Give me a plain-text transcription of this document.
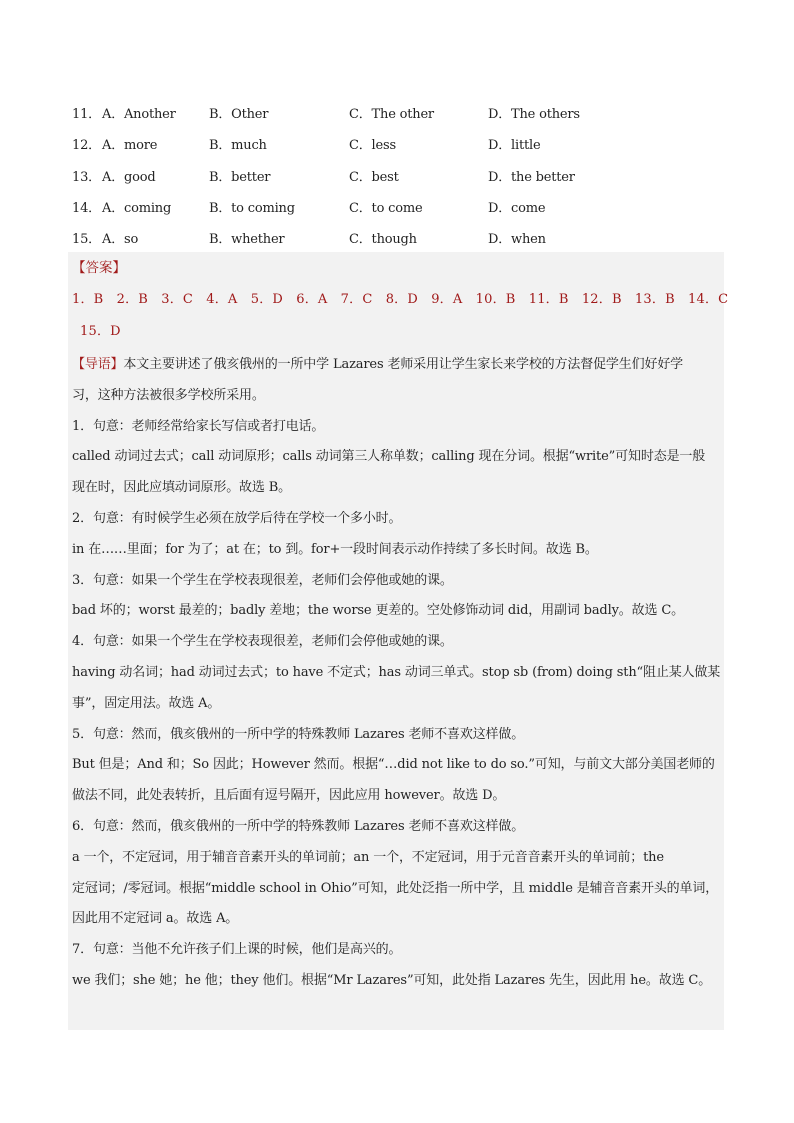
11． A．Another	B．Other	C．The other	D．The others
12． A．more	B．much	C．less	D．little
13． A．good	B．better	C．best	D．the better
14． A．coming	B．to coming	C．to come	D．come
15． A．so	B．whether	C．though	D．when
【答案】
1．B　2．B　3．C　4．A　5．D　6．A　7．C　8．D　9．A　10．B　11．B　12．B　13．B　14．C
15．D
【导语】本文主要讲述了俄亥俄州的一所中学 Lazares 老师采用让学生家长来学校的方法督促学生们好好学
习，这种方法被很多学校所采用。
1．句意：老师经常给家长写信或者打电话。
called 动词过去式；call 动词原形；calls 动词第三人称单数；calling 现在分词。根据“write”可知时态是一般
现在时，因此应填动词原形。故选 B。
2．句意：有时候学生必须在放学后待在学校一个多小时。
in 在……里面；for 为了；at 在；to 到。for+一段时间表示动作持续了多长时间。故选 B。
3．句意：如果一个学生在学校表现很差，老师们会停他或她的课。
bad 坏的；worst 最差的；badly 差地；the worse 更差的。空处修饰动词 did，用副词 badly。故选 C。
4．句意：如果一个学生在学校表现很差，老师们会停他或她的课。
having 动名词；had 动词过去式；to have 不定式；has 动词三单式。stop sb (from) doing sth“阻止某人做某
事”，固定用法。故选 A。
5．句意：然而，俄亥俄州的一所中学的特殊教师 Lazares 老师不喜欢这样做。
But 但是；And 和；So 因此；However 然而。根据“…did not like to do so.”可知，与前文大部分美国老师的
做法不同，此处表转折，且后面有逗号隔开，因此应用 however。故选 D。
6．句意：然而，俄亥俄州的一所中学的特殊教师 Lazares 老师不喜欢这样做。
a 一个，不定冠词，用于辅音音素开头的单词前；an 一个，不定冠词，用于元音音素开头的单词前；the
定冠词；/零冠词。根据“middle school in Ohio”可知，此处泛指一所中学，且 middle 是辅音音素开头的单词，
因此用不定冠词 a。故选 A。
7．句意：当他不允许孩子们上课的时候，他们是高兴的。
we 我们；she 她；he 他；they 他们。根据“Mr Lazares”可知，此处指 Lazares 先生，因此用 he。故选 C。
